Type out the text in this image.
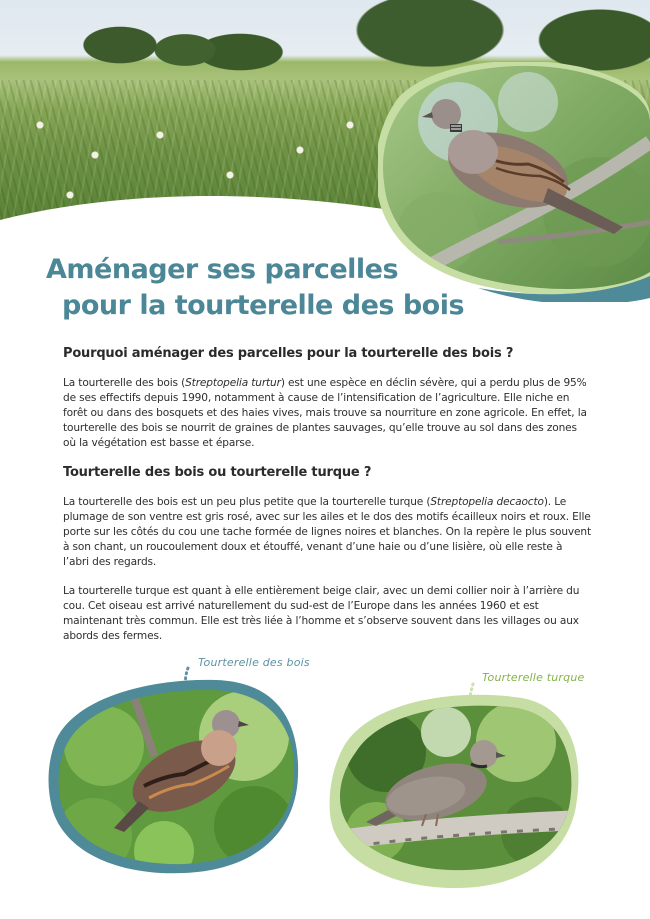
Aménager ses parcelles
pour la tourterelle des bois
Pourquoi aménager des parcelles pour la tourterelle des bois ?
La tourterelle des bois (Streptopelia turtur) est une espèce en déclin sévère, qui a perdu plus de 95% de ses effectifs depuis 1990, notamment à cause de l’intensification de l’agriculture. Elle niche en forêt ou dans des bosquets et des haies vives, mais trouve sa nourriture en zone agricole. En effet, la tourterelle des bois se nourrit de graines de plantes sauvages, qu’elle trouve au sol dans des zones où la végétation est basse et éparse.
Tourterelle des bois ou tourterelle turque ?
La tourterelle des bois est un peu plus petite que la tourterelle turque (Streptopelia decaocto). Le plumage de son ventre est gris rosé, avec sur les ailes et le dos des motifs écailleux noirs et roux. Elle porte sur les côtés du cou une tache formée de lignes noires et blanches. On la repère le plus souvent à son chant, un roucoulement doux et étouffé, venant d’une haie ou d’une lisière, où elle reste à l’abri des regards.
La tourterelle turque est quant à elle entièrement beige clair, avec un demi collier noir à l’arrière du cou. Cet oiseau est arrivé naturellement du sud-est de l’Europe dans les années 1960 et est maintenant très commun. Elle est très liée à l’homme et s’observe souvent dans les villages ou aux abords des fermes.
Tourterelle des bois
Tourterelle turque
